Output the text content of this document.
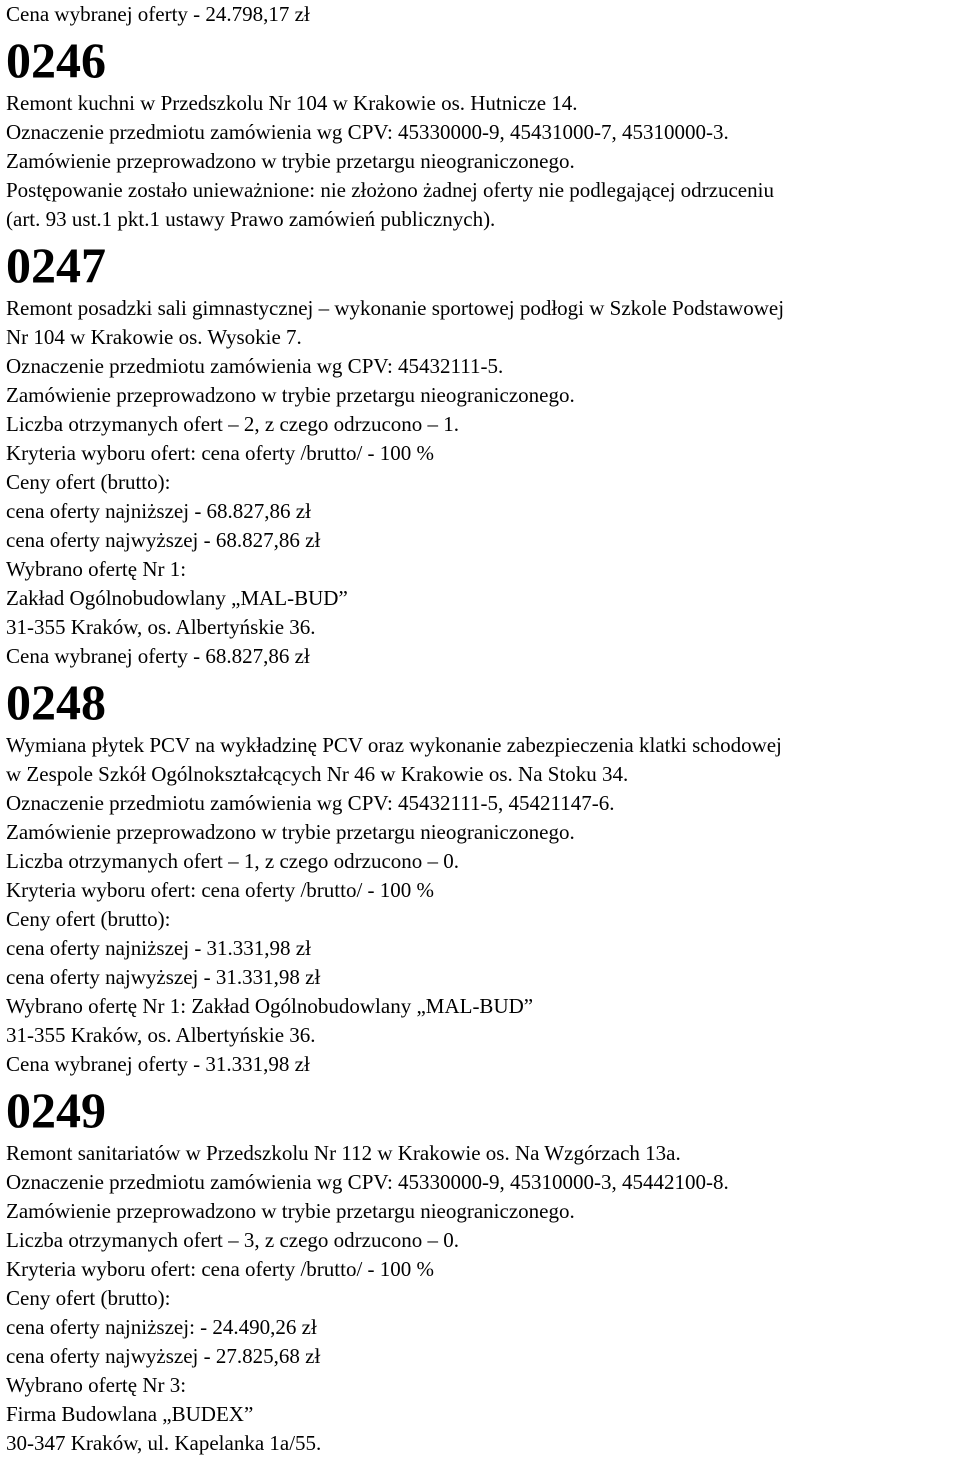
Cena wybranej oferty - 24.798,17 zł
0246
Remont kuchni w Przedszkolu Nr 104 w Krakowie os. Hutnicze 14.
Oznaczenie przedmiotu zamówienia wg CPV: 45330000-9, 45431000-7, 45310000-3.
Zamówienie przeprowadzono w trybie przetargu nieograniczonego.
Postępowanie zostało unieważnione: nie złożono żadnej oferty nie podlegającej odrzuceniu
(art. 93 ust.1 pkt.1 ustawy Prawo zamówień publicznych).
0247
Remont posadzki sali gimnastycznej – wykonanie sportowej podłogi w Szkole Podstawowej
Nr 104 w Krakowie os. Wysokie 7.
Oznaczenie przedmiotu zamówienia wg CPV: 45432111-5.
Zamówienie przeprowadzono w trybie przetargu nieograniczonego.
Liczba otrzymanych ofert – 2, z czego odrzucono – 1.
Kryteria wyboru ofert: cena oferty /brutto/ - 100 %
Ceny ofert (brutto):
cena oferty najniższej - 68.827,86 zł
cena oferty najwyższej - 68.827,86 zł
Wybrano ofertę Nr 1:
Zakład Ogólnobudowlany „MAL-BUD”
31-355 Kraków, os. Albertyńskie 36.
Cena wybranej oferty - 68.827,86 zł
0248
Wymiana płytek PCV na wykładzinę PCV oraz wykonanie zabezpieczenia klatki schodowej
w Zespole Szkół Ogólnokształcących Nr 46 w Krakowie os. Na Stoku 34.
Oznaczenie przedmiotu zamówienia wg CPV: 45432111-5, 45421147-6.
Zamówienie przeprowadzono w trybie przetargu nieograniczonego.
Liczba otrzymanych ofert – 1, z czego odrzucono – 0.
Kryteria wyboru ofert: cena oferty /brutto/ - 100 %
Ceny ofert (brutto):
cena oferty najniższej - 31.331,98 zł
cena oferty najwyższej - 31.331,98 zł
Wybrano ofertę Nr 1: Zakład Ogólnobudowlany „MAL-BUD”
31-355 Kraków, os. Albertyńskie 36.
Cena wybranej oferty - 31.331,98 zł
0249
Remont sanitariatów w Przedszkolu Nr 112 w Krakowie os. Na Wzgórzach 13a.
Oznaczenie przedmiotu zamówienia wg CPV: 45330000-9, 45310000-3, 45442100-8.
Zamówienie przeprowadzono w trybie przetargu nieograniczonego.
Liczba otrzymanych ofert – 3, z czego odrzucono – 0.
Kryteria wyboru ofert: cena oferty /brutto/ - 100 %
Ceny ofert (brutto):
cena oferty najniższej: - 24.490,26 zł
cena oferty najwyższej - 27.825,68 zł
Wybrano ofertę Nr 3:
Firma Budowlana „BUDEX”
30-347 Kraków, ul. Kapelanka 1a/55.
